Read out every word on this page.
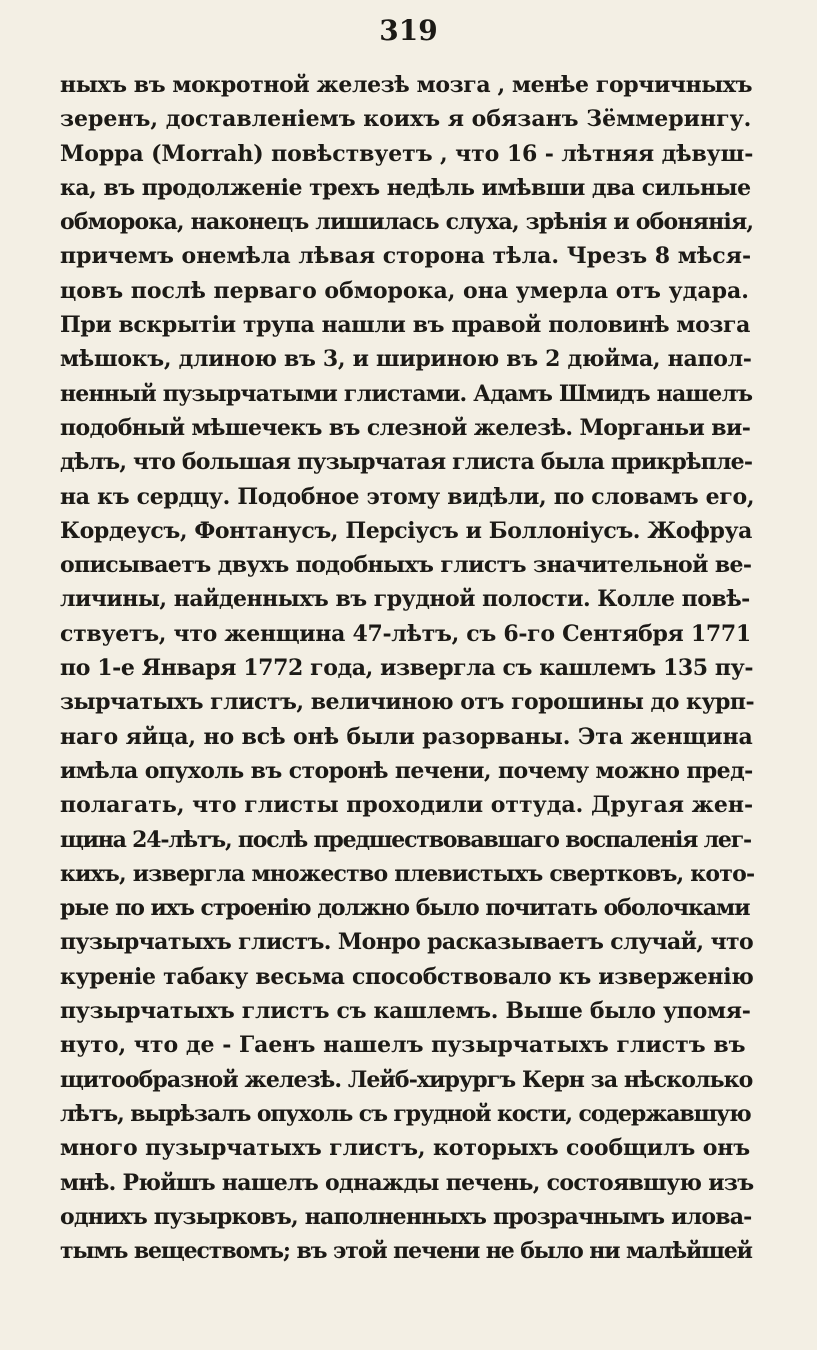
319
ныхъ въ мокротной железѣ мозга , менѣе горчичныхъ
зеренъ, доставленіемъ коихъ я обязанъ Зёммерингу.
Морра (Morrah) повѣствуетъ , что 16 - лѣтняя дѣвуш-
ка, въ продолженіе трехъ недѣль имѣвши два сильные
обморока, наконецъ лишилась слуха, зрѣнія и обонянія,
причемъ онемѣла лѣвая сторона тѣла. Чрезъ 8 мѣся-
цовъ послѣ перваго обморока, она умерла отъ удара.
При вскрытіи трупа нашли въ правой половинѣ мозга
мѣшокъ, длиною въ 3, и шириною въ 2 дюйма, напол-
ненный пузырчатыми глистами. Адамъ Шмидъ нашелъ
подобный мѣшечекъ въ слезной железѣ. Морганьи ви-
дѣлъ, что большая пузырчатая глиста была прикрѣпле-
на къ сердцу. Подобное этому видѣли, по словамъ его,
Кордеусъ, Фонтанусъ, Персіусъ и Боллоніусъ. Жофруа
описываетъ двухъ подобныхъ глистъ значительной ве-
личины, найденныхъ въ грудной полости. Колле повѣ-
ствуетъ, что женщина 47-лѣтъ, съ 6-го Сентября 1771
по 1-е Января 1772 года, извергла съ кашлемъ 135 пу-
зырчатыхъ глистъ, величиною отъ горошины до курп-
наго яйца, но всѣ онѣ были разорваны. Эта женщина
имѣла опухоль въ сторонѣ печени, почему можно пред-
полагать, что глисты проходили оттуда. Другая жен-
щина 24-лѣтъ, послѣ предшествовавшаго воспаленія лег-
кихъ, извергла множество плевистыхъ свертковъ, кото-
рые по ихъ строенію должно было почитать оболочками
пузырчатыхъ глистъ. Монро расказываетъ случай, что
куреніе табаку весьма способствовало къ изверженію
пузырчатыхъ глистъ съ кашлемъ. Выше было упомя-
нуто, что де - Гаенъ нашелъ пузырчатыхъ глистъ въ
щитообразной железѣ. Лейб-хирургъ Керн за нѣсколько
лѣтъ, вырѣзалъ опухоль съ грудной кости, содержавшую
много пузырчатыхъ глистъ, которыхъ сообщилъ онъ
мнѣ. Рюйшъ нашелъ однажды печень, состоявшую изъ
однихъ пузырковъ, наполненныхъ прозрачнымъ илова-
тымъ веществомъ; въ этой печени не было ни малѣйшей
